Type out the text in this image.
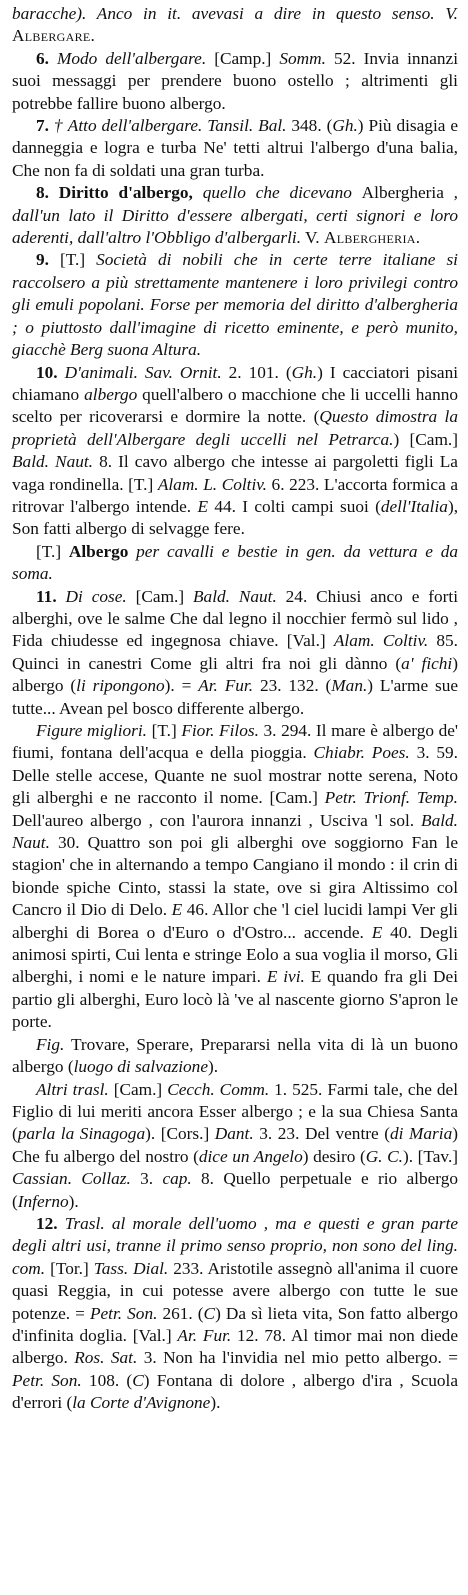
baracche). Anco in it. avevasi a dire in questo senso. V. Albergare.

6. Modo dell'albergare. [Camp.] Somm. 52. Invia innanzi suoi messaggi per prendere buono ostello ; altrimenti gli potrebbe fallire buono albergo.

7. † Atto dell'albergare. Tansil. Bal. 348. (Gh.) Più disagia e danneggia e logra e turba Ne' tetti altrui l'albergo d'una balia, Che non fa di soldati una gran turba.

8. Diritto d'albergo, quello che dicevano Albergheria , dall'un lato il Diritto d'essere albergati, certi signori e loro aderenti, dall'altro l'Obbligo d'albergarli. V. Albergheria.

9. [T.] Società di nobili che in certe terre italiane si raccolsero a più strettamente mantenere i loro privilegi contro gli emuli popolani. Forse per memoria del diritto d'albergheria ; o piuttosto dall'imagine di ricetto eminente, e però munito, giacchè Berg suona Altura.

10. D'animali. Sav. Ornit. 2. 101. (Gh.) I cacciatori pisani chiamano albergo quell'albero o macchione che li uccelli hanno scelto per ricoverarsi e dormire la notte. (Questo dimostra la proprietà dell'Albergare degli uccelli nel Petrarca.) [Cam.] Bald. Naut. 8. Il cavo albergo che intesse ai pargoletti figli La vaga rondinella. [T.] Alam. L. Coltiv. 6. 223. L'accorta formica a ritrovar l'albergo intende. E 44. I colti campi suoi (dell'Italia), Son fatti albergo di selvagge fere.

[T.] Albergo per cavalli e bestie in gen. da vettura e da soma.

11. Di cose. [Cam.] Bald. Naut. 24. Chiusi anco e forti alberghi, ove le salme Che dal legno il nocchier fermò sul lido , Fida chiudesse ed ingegnosa chiave. [Val.] Alam. Coltiv. 85. Quinci in canestri Come gli altri fra noi gli dànno (a' fichi) albergo (li ripongono). = Ar. Fur. 23. 132. (Man.) L'arme sue tutte... Avean pel bosco differente albergo.

Figure migliori. [T.] Fior. Filos. 3. 294. Il mare è albergo de' fiumi, fontana dell'acqua e della pioggia. Chiabr. Poes. 3. 59. Delle stelle accese, Quante ne suol mostrar notte serena, Noto gli alberghi e ne racconto il nome. [Cam.] Petr. Trionf. Temp. Dell'aureo albergo , con l'aurora innanzi , Usciva 'l sol. Bald. Naut. 30. Quattro son poi gli alberghi ove soggiorno Fan le stagion' che in alternando a tempo Cangiano il mondo : il crin di bionde spiche Cinto, stassi la state, ove si gira Altissimo col Cancro il Dio di Delo. E 46. Allor che 'l ciel lucidi lampi Ver gli alberghi di Borea o d'Euro o d'Ostro... accende. E 40. Degli animosi spirti, Cui lenta e stringe Eolo a sua voglia il morso, Gli alberghi, i nomi e le nature impari. E ivi. E quando fra gli Dei partio gli alberghi, Euro locò là 've al nascente giorno S'apron le porte.

Fig. Trovare, Sperare, Prepararsi nella vita di là un buono albergo (luogo di salvazione).

Altri trasl. [Cam.] Cecch. Comm. 1. 525. Farmi tale, che del Figlio di lui meriti ancora Esser albergo ; e la sua Chiesa Santa (parla la Sinagoga). [Cors.] Dant. 3. 23. Del ventre (di Maria) Che fu albergo del nostro (dice un Angelo) desiro (G. C.). [Tav.] Cassian. Collaz. 3. cap. 8. Quello perpetuale e rio albergo (Inferno).

12. Trasl. al morale dell'uomo , ma e questi e gran parte degli altri usi, tranne il primo senso proprio, non sono del ling. com. [Tor.] Tass. Dial. 233. Aristotile assegnò all'anima il cuore quasi Reggia, in cui potesse avere albergo con tutte le sue potenze. = Petr. Son. 261. (C) Da sì lieta vita, Son fatto albergo d'infinita doglia. [Val.] Ar. Fur. 12. 78. Al timor mai non diede albergo. Ros. Sat. 3. Non ha l'invidia nel mio petto albergo. = Petr. Son. 108. (C) Fontana di dolore , albergo d'ira , Scuola d'errori (la Corte d'Avignone).
